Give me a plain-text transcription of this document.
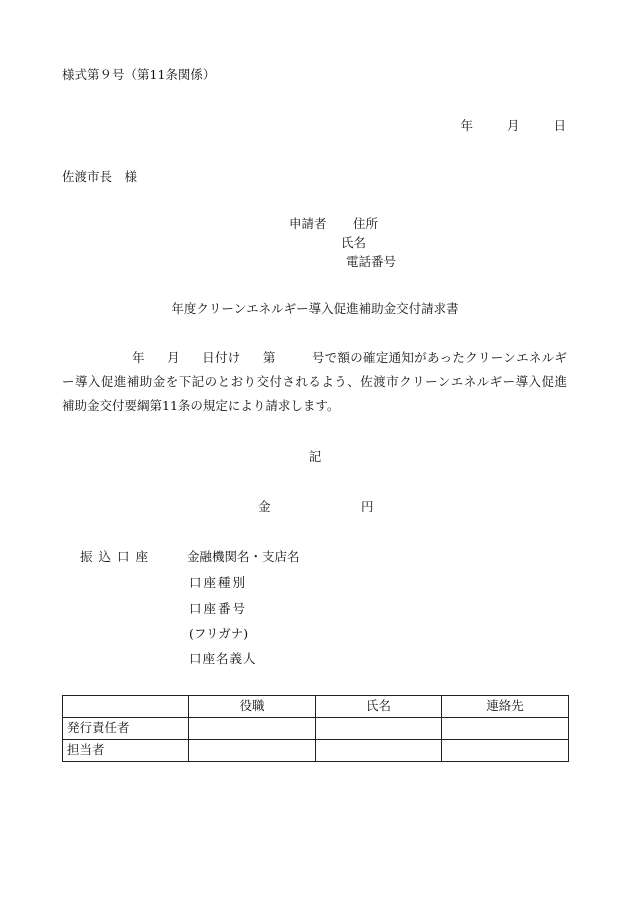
様式第９号（第11条関係）
年	月	日
佐渡市長　様
申請者 住所
氏名
電話番号
年度クリーンエネルギー導入促進補助金交付請求書
年 月 日付け 第	号で額の確定通知があったクリーンエネルギ
ー導入促進補助金を下記のとおり交付されるよう、佐渡市クリーンエネルギー導入促進
補助金交付要綱第11条の規定により請求します。
記
金	円
振込口座	金融機関名・支店名
口座種別
口座番号
(フリガナ)
口座名義人
	役職	氏名	連絡先
発行責任者			
担当者			
